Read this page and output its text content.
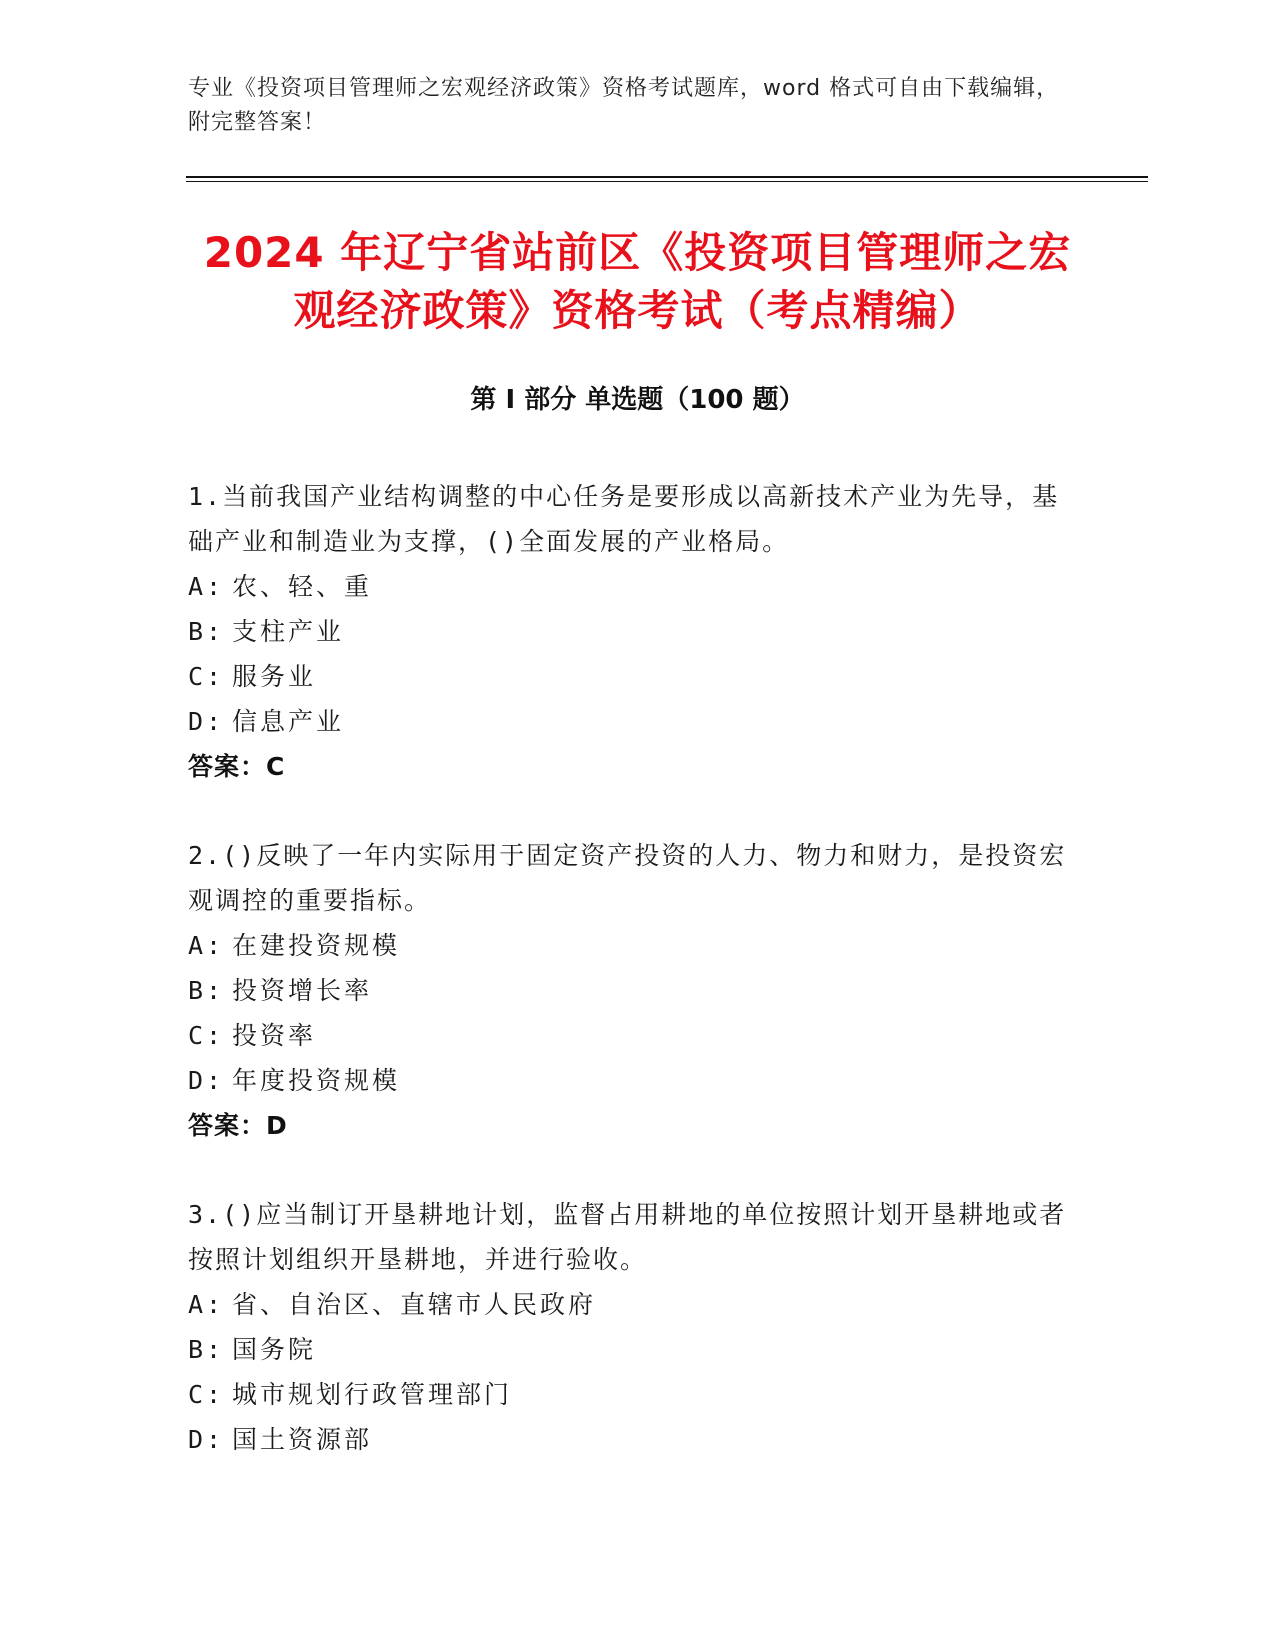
专业《投资项目管理师之宏观经济政策》资格考试题库，word 格式可自由下载编辑，附完整答案！
2024 年辽宁省站前区《投资项目管理师之宏
观经济政策》资格考试（考点精编）
第 I 部分 单选题（100 题）
1.当前我国产业结构调整的中心任务是要形成以高新技术产业为先导，基础产业和制造业为支撑，()全面发展的产业格局。
A: 农、轻、重
B: 支柱产业
C: 服务业
D: 信息产业
答案：C
2.()反映了一年内实际用于固定资产投资的人力、物力和财力，是投资宏观调控的重要指标。
A: 在建投资规模
B: 投资增长率
C: 投资率
D: 年度投资规模
答案：D
3.()应当制订开垦耕地计划，监督占用耕地的单位按照计划开垦耕地或者按照计划组织开垦耕地，并进行验收。
A: 省、自治区、直辖市人民政府
B: 国务院
C: 城市规划行政管理部门
D: 国土资源部
